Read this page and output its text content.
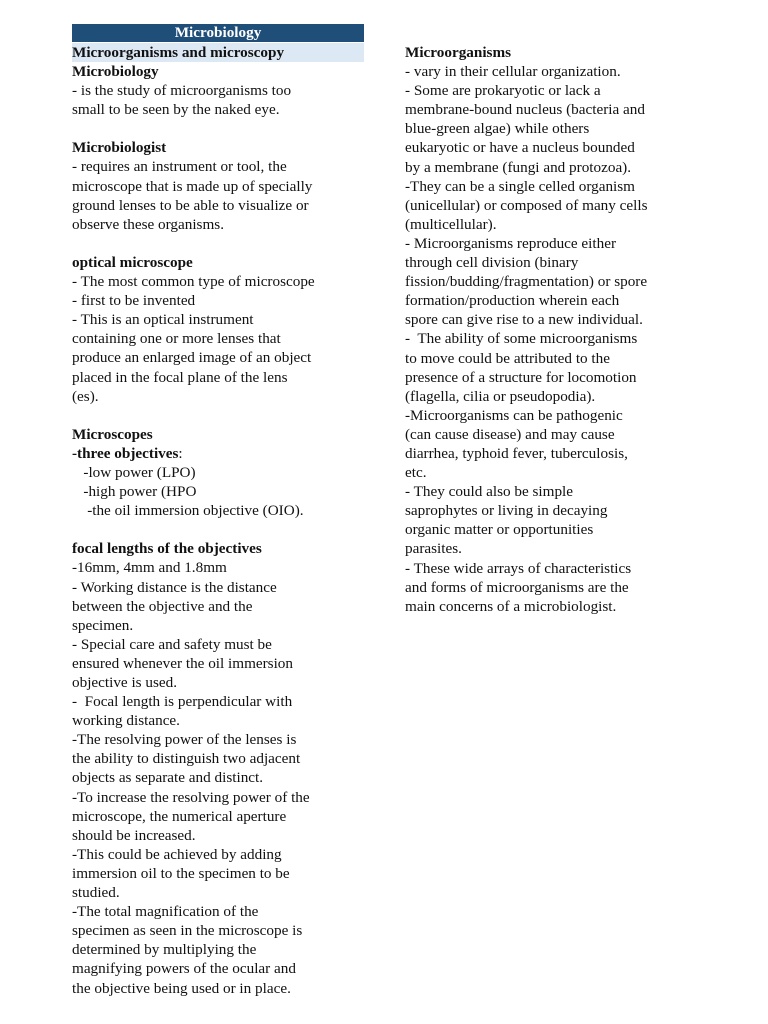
Microbiology
Microorganisms and microscopy
Microbiology
- is the study of microorganisms too
small to be seen by the naked eye.
Microbiologist
- requires an instrument or tool, the
microscope that is made up of specially
ground lenses to be able to visualize or
observe these organisms.
optical microscope
- The most common type of microscope
- first to be invented
- This is an optical instrument
containing one or more lenses that
produce an enlarged image of an object
placed in the focal plane of the lens
(es).
Microscopes
-three objectives:
-low power (LPO)
-high power (HPO
-the oil immersion objective (OIO).
focal lengths of the objectives
-16mm, 4mm and 1.8mm
- Working distance is the distance
between the objective and the
specimen.
- Special care and safety must be
ensured whenever the oil immersion
objective is used.
-  Focal length is perpendicular with
working distance.
-The resolving power of the lenses is
the ability to distinguish two adjacent
objects as separate and distinct.
-To increase the resolving power of the
microscope, the numerical aperture
should be increased.
-This could be achieved by adding
immersion oil to the specimen to be
studied.
-The total magnification of the
specimen as seen in the microscope is
determined by multiplying the
magnifying powers of the ocular and
the objective being used or in place.
Microorganisms
- vary in their cellular organization.
- Some are prokaryotic or lack a
membrane-bound nucleus (bacteria and
blue-green algae) while others
eukaryotic or have a nucleus bounded
by a membrane (fungi and protozoa).
-They can be a single celled organism
(unicellular) or composed of many cells
(multicellular).
- Microorganisms reproduce either
through cell division (binary
fission/budding/fragmentation) or spore
formation/production wherein each
spore can give rise to a new individual.
-  The ability of some microorganisms
to move could be attributed to the
presence of a structure for locomotion
(flagella, cilia or pseudopodia).
-Microorganisms can be pathogenic
(can cause disease) and may cause
diarrhea, typhoid fever, tuberculosis,
etc.
- They could also be simple
saprophytes or living in decaying
organic matter or opportunities
parasites.
- These wide arrays of characteristics
and forms of microorganisms are the
main concerns of a microbiologist.
